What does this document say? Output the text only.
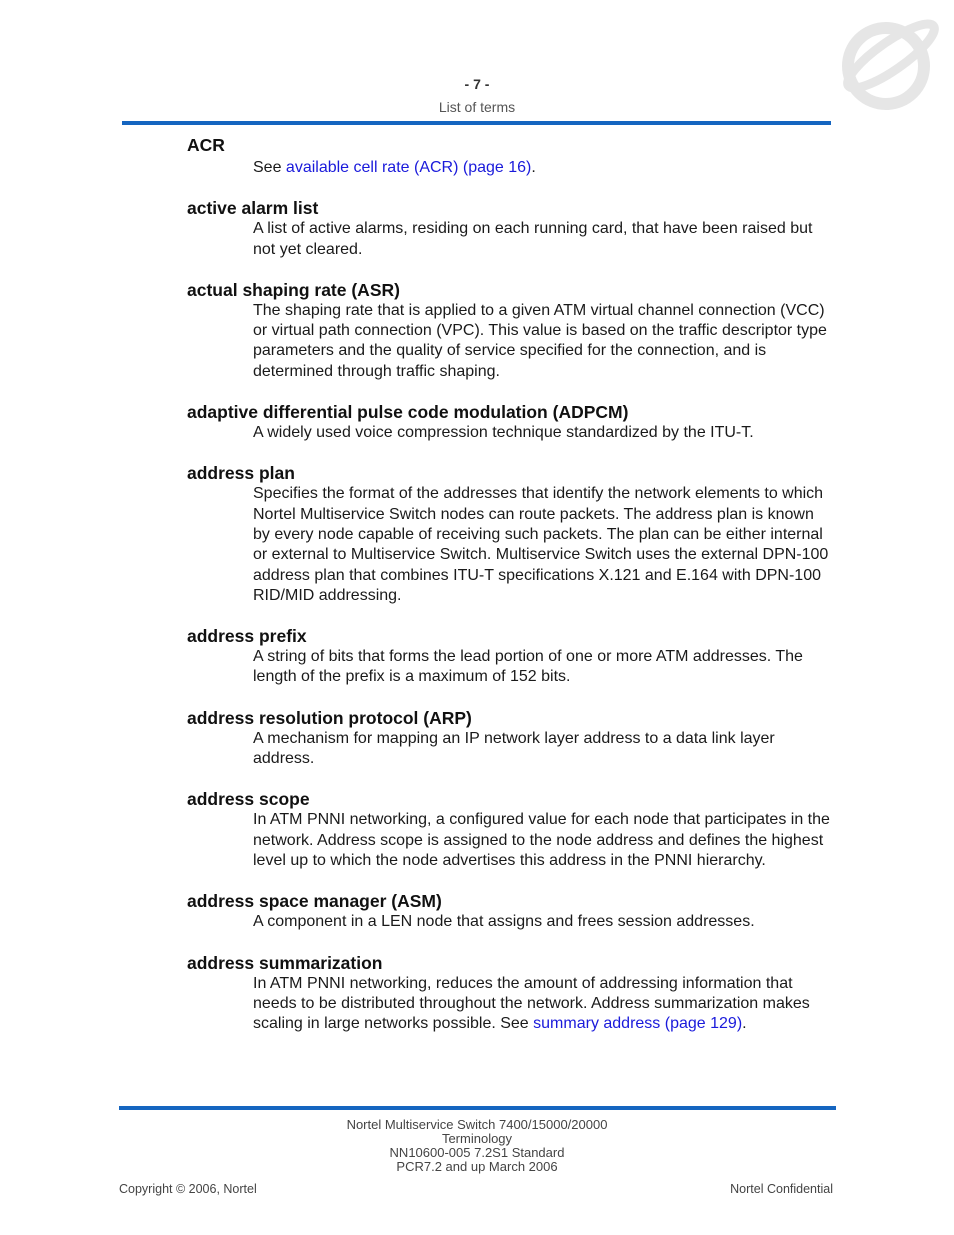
- 7 -
List of terms
ACR
See available cell rate (ACR) (page 16).
active alarm list
A list of active alarms, residing on each running card, that have been raised but not yet cleared.
actual shaping rate (ASR)
The shaping rate that is applied to a given ATM virtual channel connection (VCC) or virtual path connection (VPC). This value is based on the traffic descriptor type parameters and the quality of service specified for the connection, and is determined through traffic shaping.
adaptive differential pulse code modulation (ADPCM)
A widely used voice compression technique standardized by the ITU-T.
address plan
Specifies the format of the addresses that identify the network elements to which Nortel Multiservice Switch nodes can route packets. The address plan is known by every node capable of receiving such packets. The plan can be either internal or external to Multiservice Switch. Multiservice Switch uses the external DPN-100 address plan that combines ITU-T specifications X.121 and E.164 with DPN-100 RID/MID addressing.
address prefix
A string of bits that forms the lead portion of one or more ATM addresses. The length of the prefix is a maximum of 152 bits.
address resolution protocol (ARP)
A mechanism for mapping an IP network layer address to a data link layer address.
address scope
In ATM PNNI networking, a configured value for each node that participates in the network. Address scope is assigned to the node address and defines the highest level up to which the node advertises this address in the PNNI hierarchy.
address space manager (ASM)
A component in a LEN node that assigns and frees session addresses.
address summarization
In ATM PNNI networking, reduces the amount of addressing information that needs to be distributed throughout the network. Address summarization makes scaling in large networks possible. See summary address (page 129).
Nortel Multiservice Switch 7400/15000/20000
Terminology
NN10600-005 7.2S1 Standard
PCR7.2 and up March 2006
Copyright © 2006, Nortel	Nortel Confidential
